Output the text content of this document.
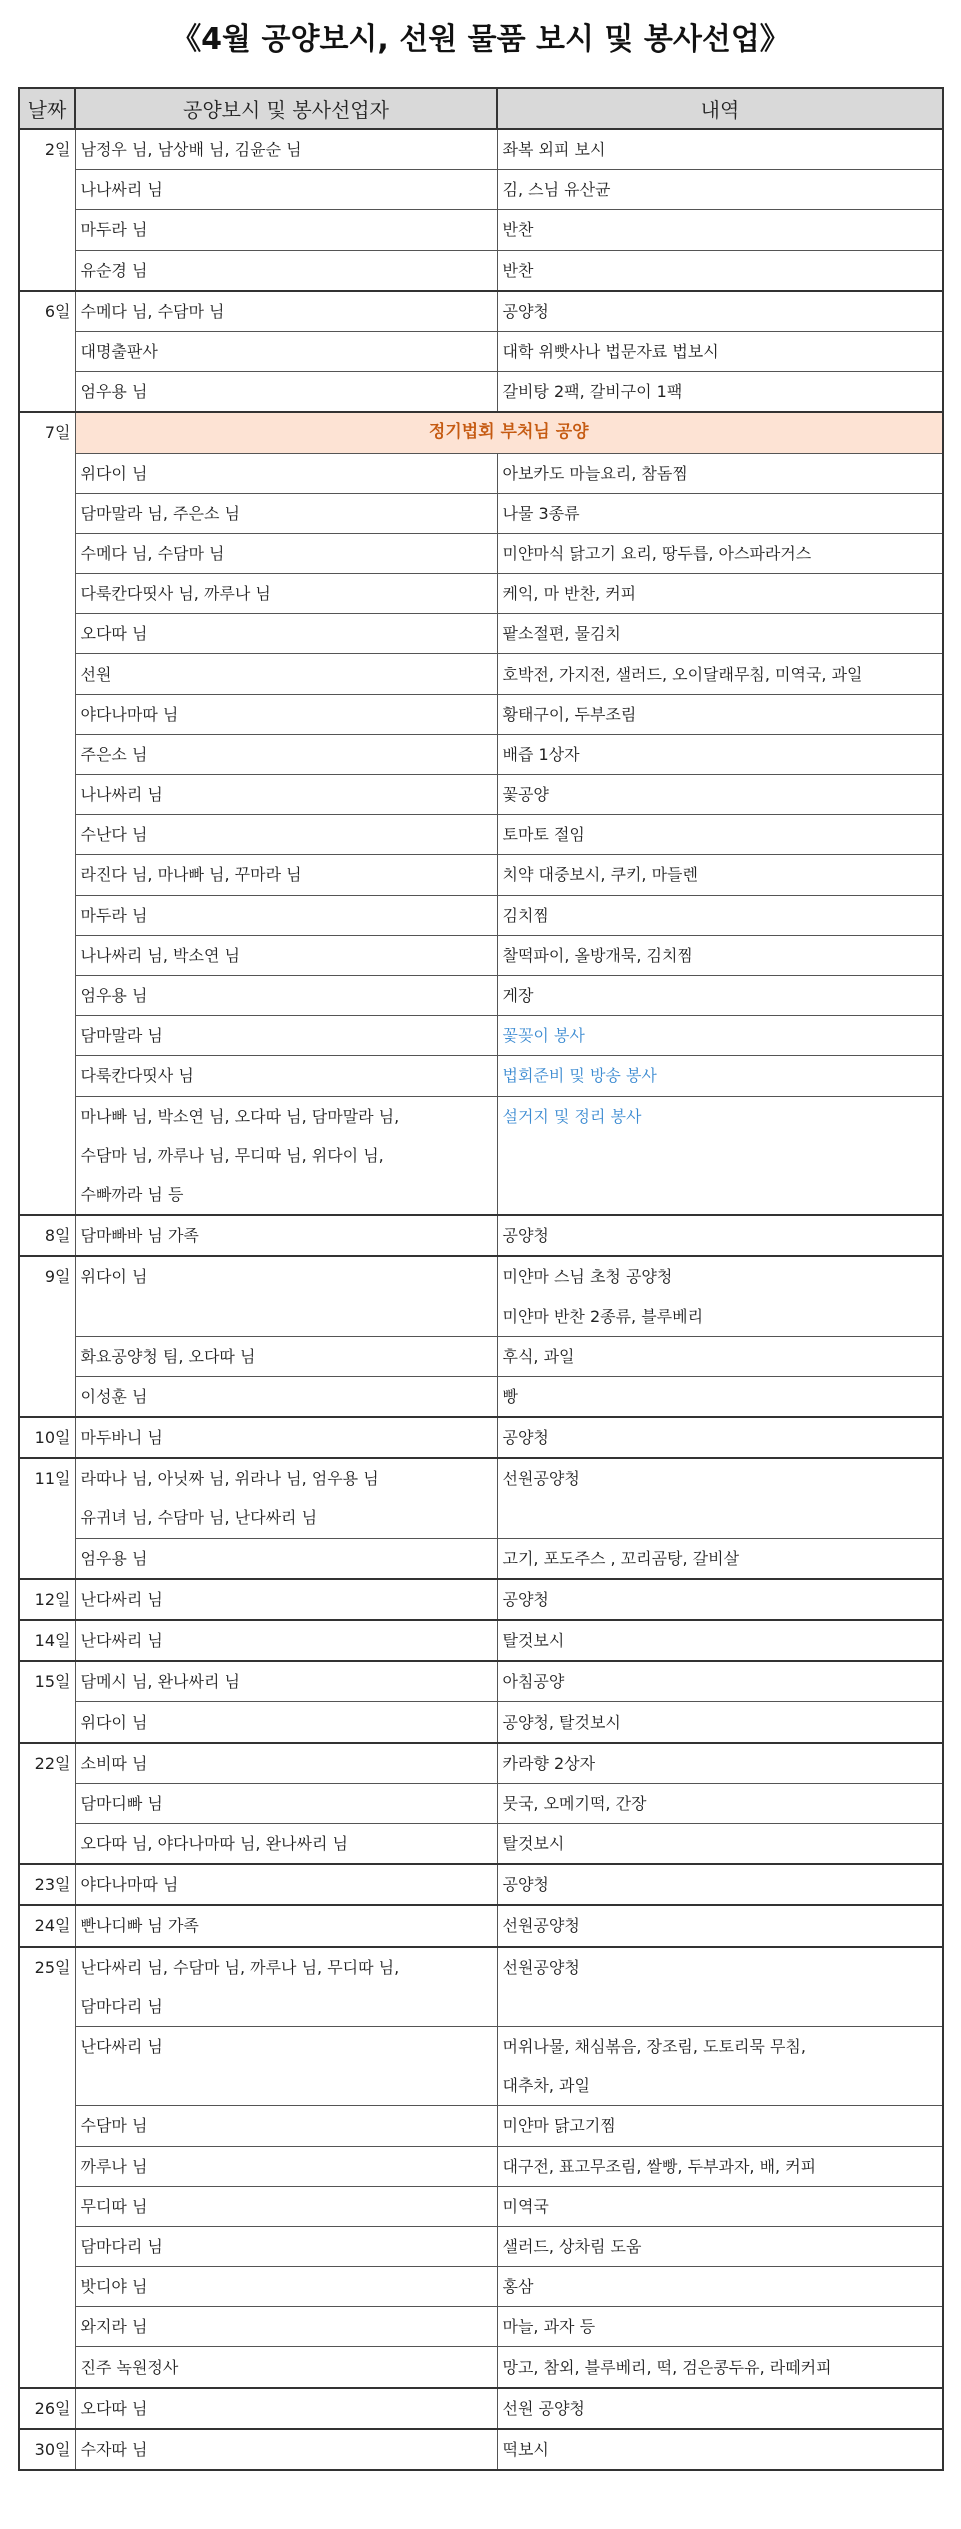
《4월 공양보시, 선원 물품 보시 및 봉사선업》
날짜	공양보시 및 봉사선업자	내역
2일	남정우 님, 남상배 님, 김윤순 님	좌복 외피 보시
	나나싸리 님	김, 스님 유산균
	마두라 님	반찬
	유순경 님	반찬
6일	수메다 님, 수담마 님	공양청
	대명출판사	대학 위빳사나 법문자료 법보시
	엄우용 님	갈비탕 2팩, 갈비구이 1팩
7일	정기법회 부처님 공양	
	위다이 님	아보카도 마늘요리, 참돔찜
	담마말라 님, 주은소 님	나물 3종류
	수메다 님, 수담마 님	미얀마식 닭고기 요리, 땅두릅, 아스파라거스
	다룩칸다띳사 님, 까루나 님	케익, 마 반찬, 커피
	오다따 님	팥소절편, 물김치
	선원	호박전, 가지전, 샐러드, 오이달래무침, 미역국, 과일
	야다나마따 님	황태구이, 두부조림
	주은소 님	배즙 1상자
	나나싸리 님	꽃공양
	수난다 님	토마토 절임
	라진다 님, 마나빠 님, 꾸마라 님	치약 대중보시, 쿠키, 마들렌
	마두라 님	김치찜
	나나싸리 님, 박소연 님	찰떡파이, 올방개묵, 김치찜
	엄우용 님	게장
	담마말라 님	꽃꽂이 봉사
	다룩칸다띳사 님	법회준비 및 방송 봉사
	마나빠 님, 박소연 님, 오다따 님, 담마말라 님,
수담마 님, 까루나 님, 무디따 님, 위다이 님,
수빠까라 님 등	설거지 및 정리 봉사
8일	담마빠바 님 가족	공양청
9일	위다이 님	미얀마 스님 초청 공양청
미얀마 반찬 2종류, 블루베리
	화요공양청 팀, 오다따 님	후식, 과일
	이성훈 님	빵
10일	마두바니 님	공양청
11일	라따나 님, 아닛짜 님, 위라나 님, 엄우용 님
유귀녀 님, 수담마 님, 난다싸리 님	선원공양청

	엄우용 님	고기, 포도주스 , 꼬리곰탕, 갈비살
12일	난다싸리 님	공양청
14일	난다싸리 님	탈것보시
15일	담메시 님, 완나싸리 님	아침공양
	위다이 님	공양청, 탈것보시
22일	소비따 님	카라향 2상자
	담마디빠 님	뭇국, 오메기떡, 간장
	오다따 님, 야다나마따 님, 완나싸리 님	탈것보시
23일	야다나마따 님	공양청
24일	빤나디빠 님 가족	선원공양청
25일	난다싸리 님, 수담마 님, 까루나 님, 무디따 님,
담마다리 님	선원공양청

	난다싸리 님	머위나물, 채심볶음, 장조림, 도토리묵 무침,
대추차, 과일
	수담마 님	미얀마 닭고기찜
	까루나 님	대구전, 표고무조림, 쌀빵, 두부과자, 배, 커피
	무디따 님	미역국
	담마다리 님	샐러드, 상차림 도움
	밧디야 님	홍삼
	와지라 님	마늘, 과자 등
	진주 녹원정사	망고, 참외, 블루베리, 떡, 검은콩두유, 라떼커피
26일	오다따 님	선원 공양청
30일	수자따 님	떡보시
